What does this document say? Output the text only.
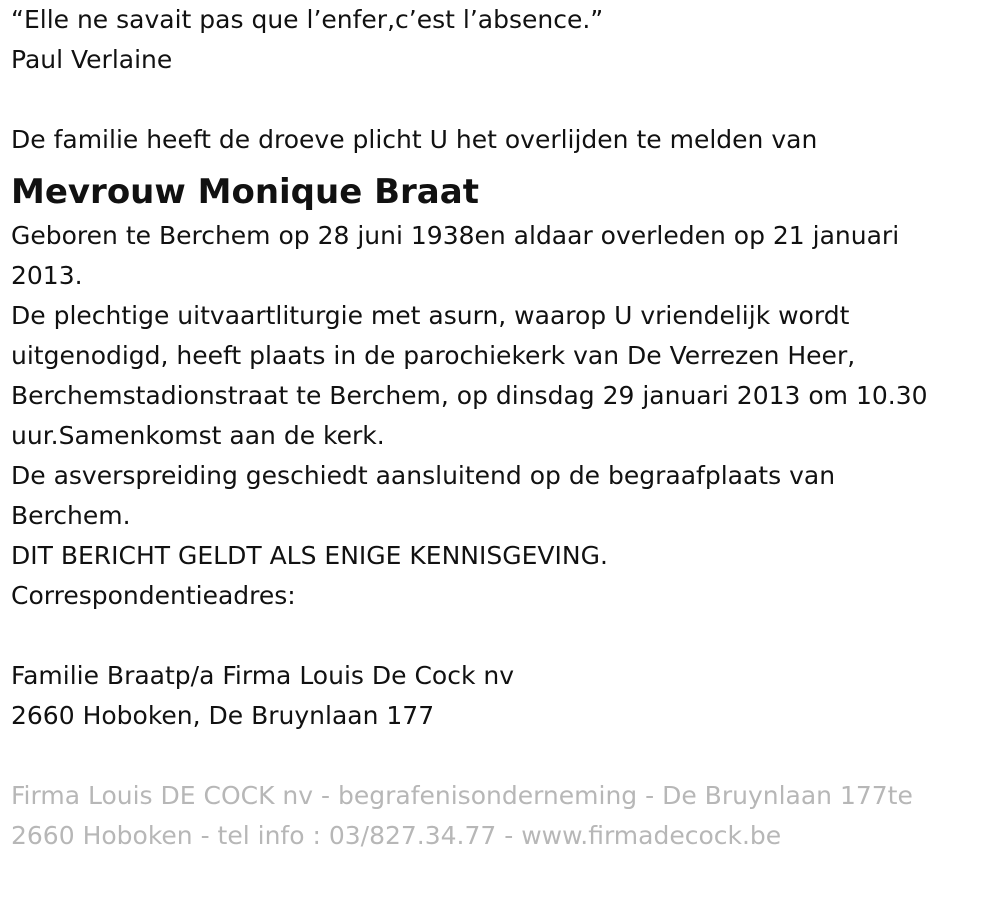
“Elle ne savait pas que l’enfer,c’est l’absence.”

Paul Verlaine

De familie heeft de droeve plicht U het overlijden te melden van

Mevrouw Monique Braat

Geboren te Berchem op 28 juni 1938en aldaar overleden op 21 januari

2013.

De plechtige uitvaartliturgie met asurn, waarop U vriendelijk wordt

uitgenodigd, heeft plaats in de parochiekerk van De Verrezen Heer,

Berchemstadionstraat te Berchem, op dinsdag 29 januari 2013 om 10.30

uur.Samenkomst aan de kerk.

De asverspreiding geschiedt aansluitend op de begraafplaats van

Berchem.

DIT BERICHT GELDT ALS ENIGE KENNISGEVING.

Correspondentieadres:

Familie Braatp/a Firma Louis De Cock nv

2660 Hoboken, De Bruynlaan 177

Firma Louis DE COCK nv - begrafenisonderneming - De Bruynlaan 177te

2660 Hoboken - tel info : 03/827.34.77 - www.firmadecock.be
